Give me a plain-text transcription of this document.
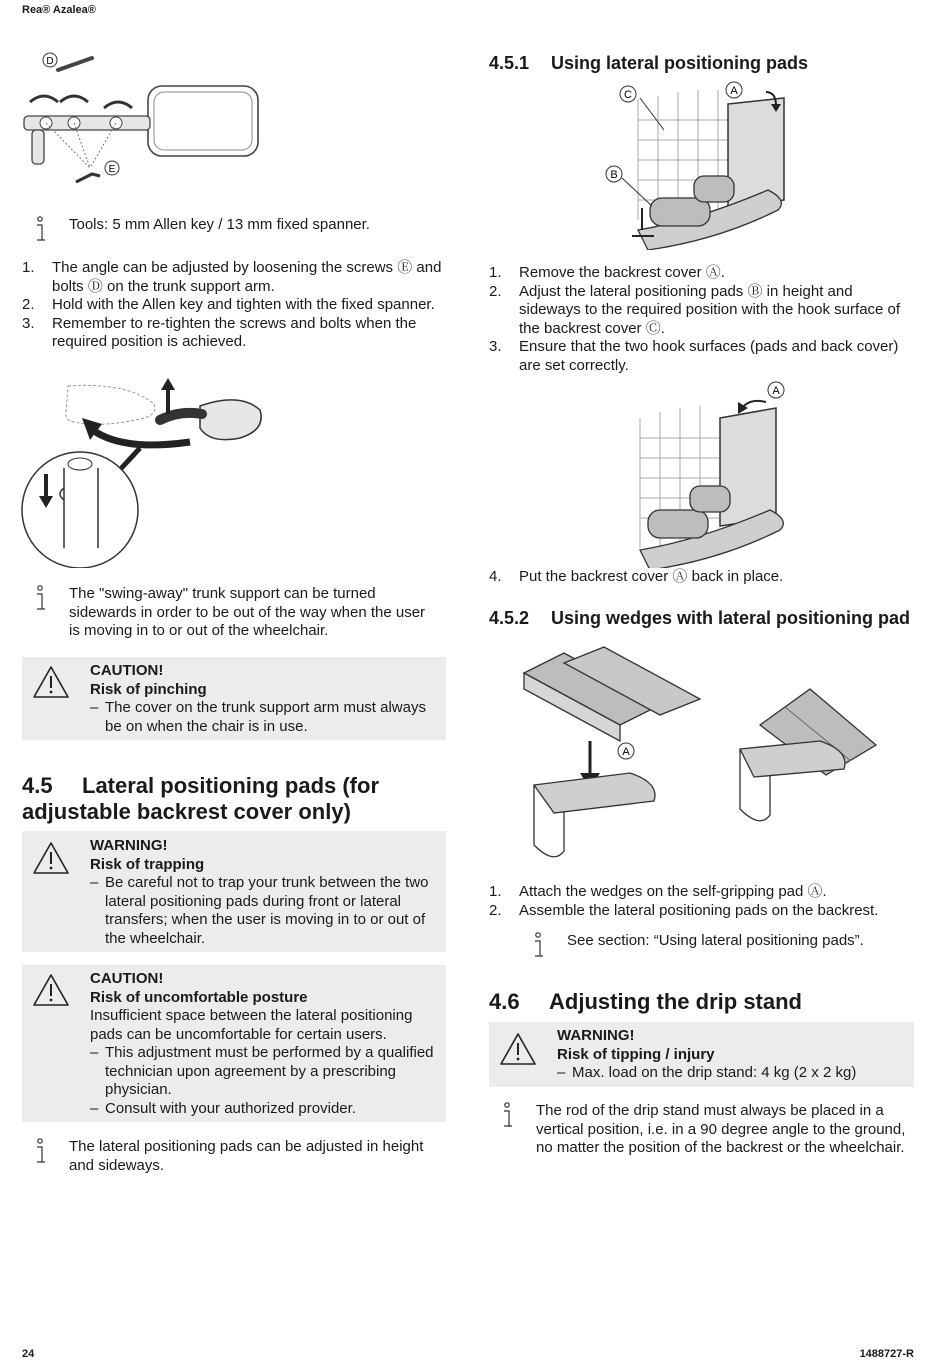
Rea® Azalea®
24	1488727-R
D
E
Tools: 5 mm Allen key / 13 mm fixed spanner.
1. The angle can be adjusted by loosening the screws Ⓔ and bolts Ⓓ on the trunk support arm.
2. Hold with the Allen key and tighten with the fixed spanner.
3. Remember to re-tighten the screws and bolts when the required position is achieved.
The "swing-away" trunk support can be turned sidewards in order to be out of the way when the user is moving in to or out of the wheelchair.
CAUTION!
Risk of pinching
– The cover on the trunk support arm must always be on when the chair is in use.
4.5 Lateral positioning pads (for adjustable backrest cover only)
WARNING!
Risk of trapping
– Be careful not to trap your trunk between the two lateral positioning pads during front or lateral transfers; when the user is moving in to or out of the wheelchair.
CAUTION!
Risk of uncomfortable posture
Insufficient space between the lateral positioning pads can be uncomfortable for certain users.
– This adjustment must be performed by a qualified technician upon agreement by a prescribing physician.
– Consult with your authorized provider.
The lateral positioning pads can be adjusted in height and sideways.
4.5.1 Using lateral positioning pads
C	A
B
1. Remove the backrest cover Ⓐ.
2. Adjust the lateral positioning pads Ⓑ in height and sideways to the required position with the hook surface of the backrest cover Ⓒ.
3. Ensure that the two hook surfaces (pads and back cover) are set correctly.
A
4. Put the backrest cover Ⓐ back in place.
4.5.2 Using wedges with lateral positioning pad
A
1. Attach the wedges on the self-gripping pad Ⓐ.
2. Assemble the lateral positioning pads on the backrest.
See section: “Using lateral positioning pads”.
4.6 Adjusting the drip stand
WARNING!
Risk of tipping / injury
– Max. load on the drip stand: 4 kg (2 x 2 kg)
The rod of the drip stand must always be placed in a vertical position, i.e. in a 90 degree angle to the ground, no matter the position of the backrest or the wheelchair.
